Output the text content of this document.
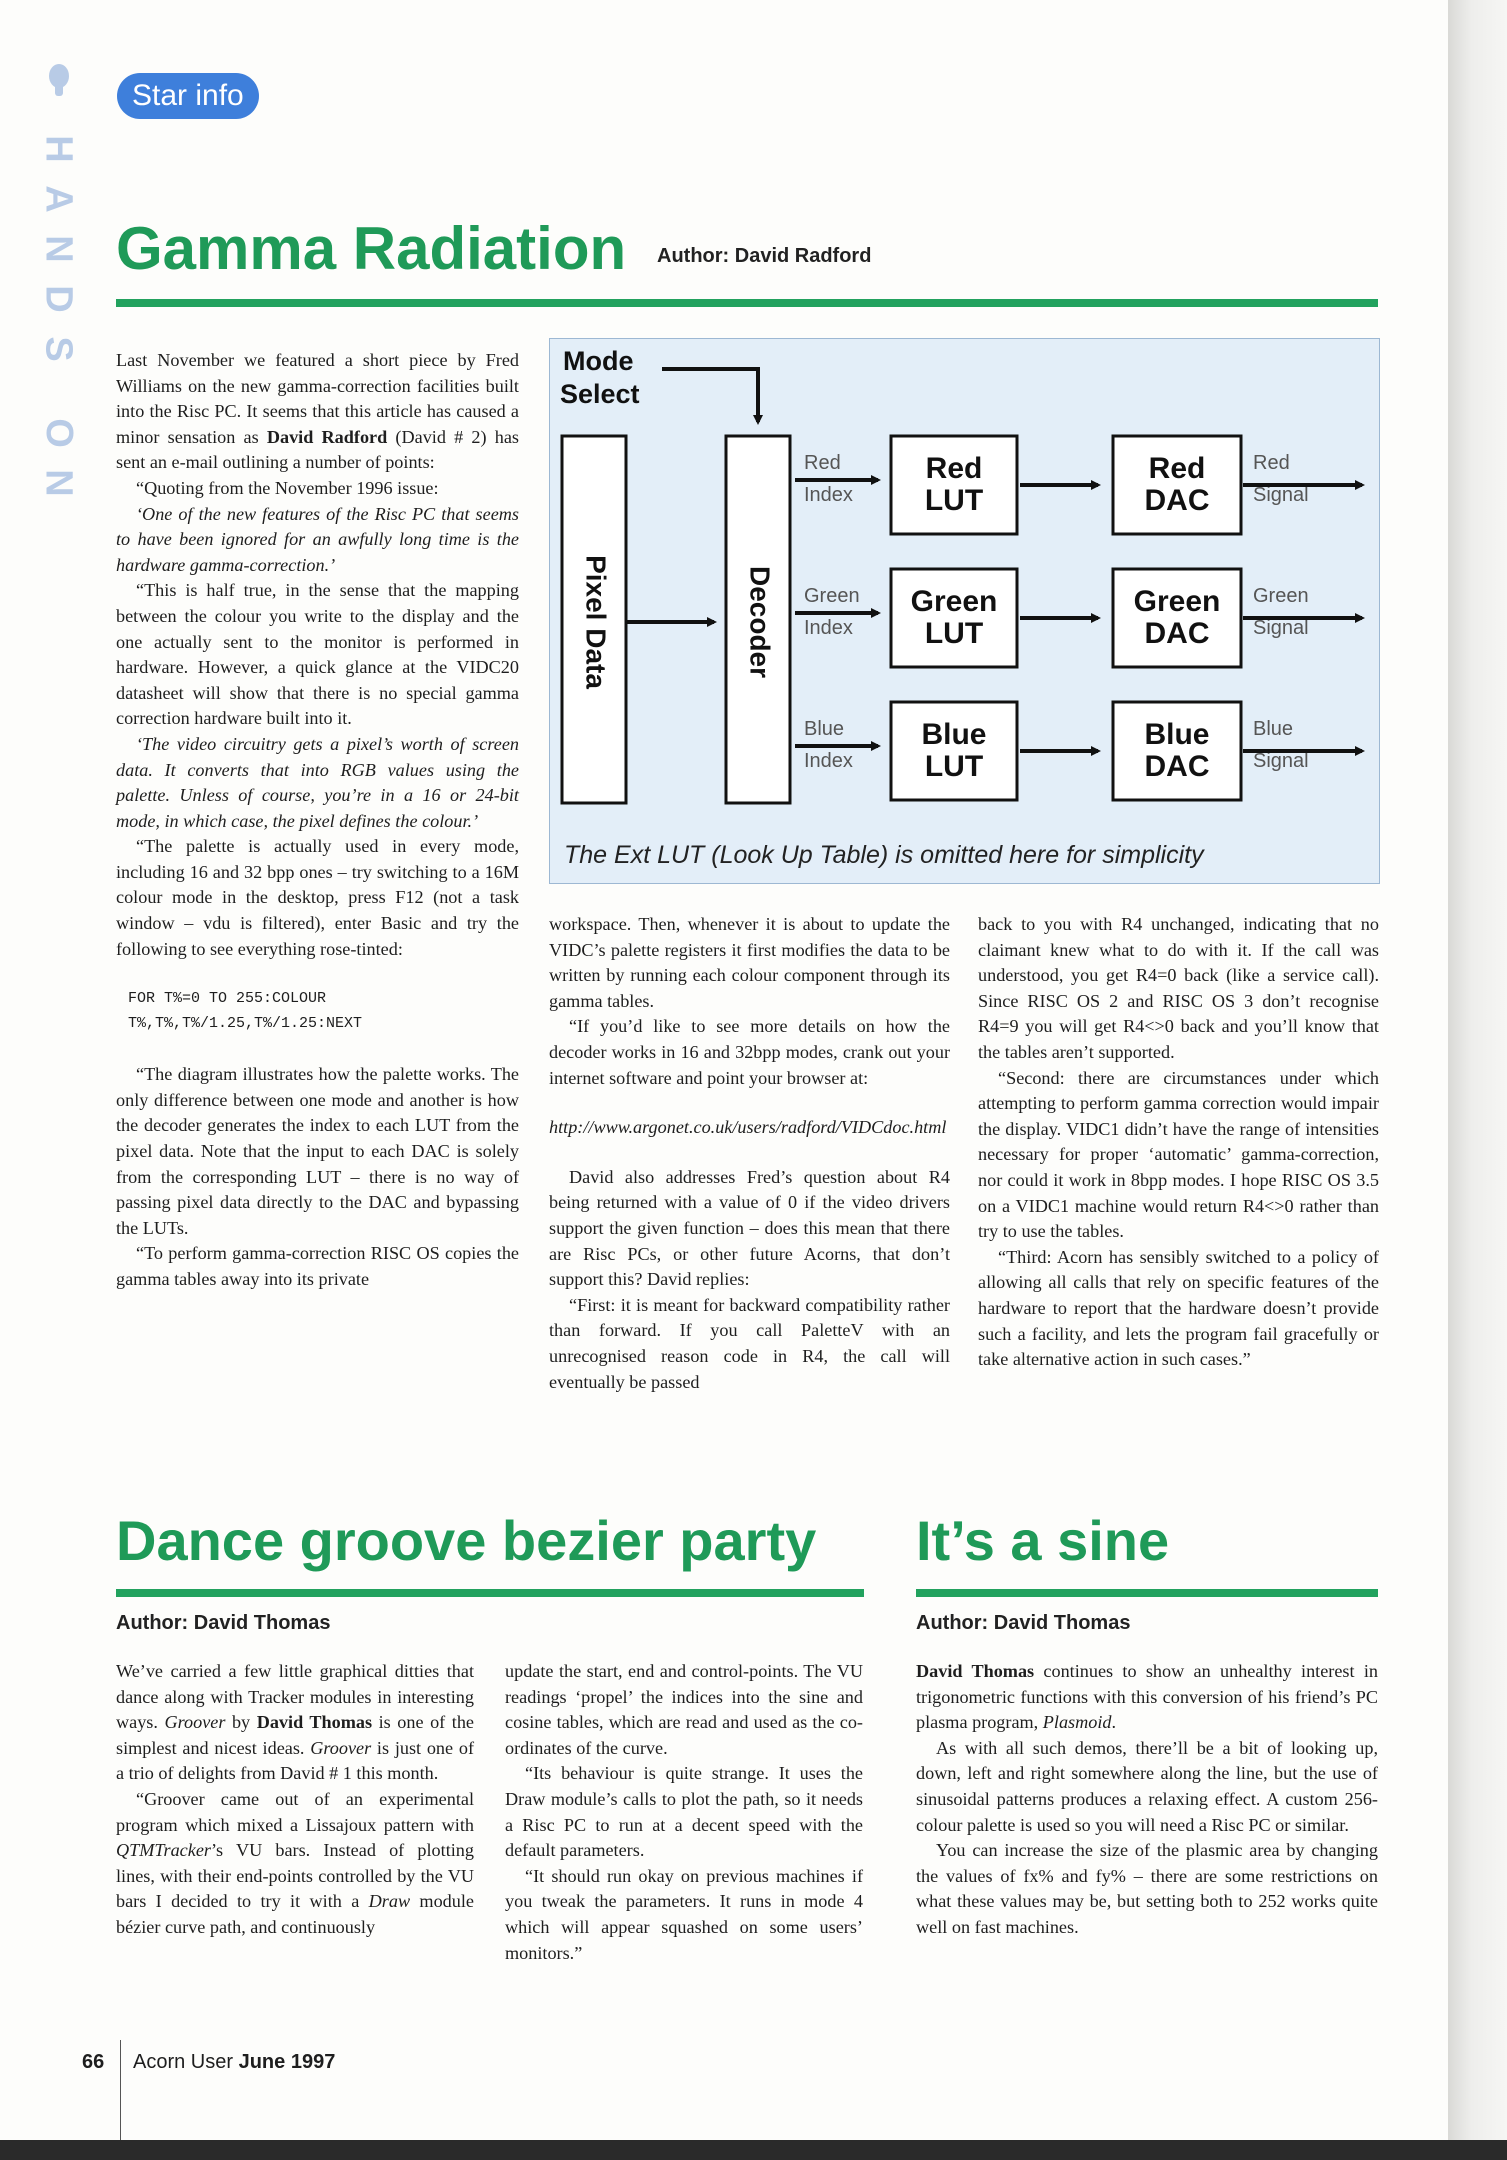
H
A
N
D
S
O
N
Star info
Gamma Radiation Author: David Radford

Last November we featured a short piece by Fred Williams on the new gamma-correction facilities built into the Risc PC. It seems that this article has caused a minor sensation as David Radford (David # 2) has sent an e-mail outlining a number of points:

“Quoting from the November 1996 issue:

‘One of the new features of the Risc PC that seems to have been ignored for an awfully long time is the hardware gamma-correction.’

“This is half true, in the sense that the mapping between the colour you write to the display and the one actually sent to the monitor is performed in hardware. However, a quick glance at the VIDC20 datasheet will show that there is no special gamma correction hardware built into it.

‘The video circuitry gets a pixel’s worth of screen data. It converts that into RGB values using the palette. Unless of course, you’re in a 16 or 24-bit mode, in which case, the pixel defines the colour.’

“The palette is actually used in every mode, including 16 and 32 bpp ones – try switching to a 16M colour mode in the desktop, press F12 (not a task window – vdu is filtered), enter Basic and try the following to see everything rose-tinted:

FOR T%=0 TO 255:COLOUR
T%,T%,T%/1.25,T%/1.25:NEXT

“The diagram illustrates how the palette works. The only difference between one mode and another is how the decoder generates the index to each LUT from the pixel data. Note that the input to each DAC is solely from the corresponding LUT – there is no way of passing pixel data directly to the DAC and bypassing the LUTs.

“To perform gamma-correction RISC OS copies the gamma tables away into its private

Mode
Select
Pixel Data	Decoder
Red
Index
Red
LUT
Red
DAC
Red
Signal
Green
Index
Green
LUT
Green
DAC
Green
Signal
Blue
Index
Blue
LUT
Blue
DAC
Blue
Signal
The Ext LUT (Look Up Table) is omitted here for simplicity

workspace. Then, whenever it is about to update the VIDC’s palette registers it first modifies the data to be written by running each colour component through its gamma tables.

“If you’d like to see more details on how the decoder works in 16 and 32bpp modes, crank out your internet software and point your browser at:

http://www.argonet.co.uk/users/radford/VIDCdoc.html

David also addresses Fred’s question about R4 being returned with a value of 0 if the video drivers support the given function – does this mean that there are Risc PCs, or other future Acorns, that don’t support this? David replies:

“First: it is meant for backward compatibility rather than forward. If you call PaletteV with an unrecognised reason code in R4, the call will eventually be passed

back to you with R4 unchanged, indicating that no claimant knew what to do with it. If the call was understood, you get R4=0 back (like a service call). Since RISC OS 2 and RISC OS 3 don’t recognise R4=9 you will get R4<>0 back and you’ll know that the tables aren’t supported.

“Second: there are circumstances under which attempting to perform gamma correction would impair the display. VIDC1 didn’t have the range of intensities necessary for proper ‘automatic’ gamma-correction, nor could it work in 8bpp modes. I hope RISC OS 3.5 on a VIDC1 machine would return R4<>0 rather than try to use the tables.

“Third: Acorn has sensibly switched to a policy of allowing all calls that rely on specific features of the hardware to report that the hardware doesn’t provide such a facility, and lets the program fail gracefully or take alternative action in such cases.”

Dance groove bezier party
Author: David Thomas

We’ve carried a few little graphical ditties that dance along with Tracker modules in interesting ways. Groover by David Thomas is one of the simplest and nicest ideas. Groover is just one of a trio of delights from David # 1 this month.

“Groover came out of an experimental program which mixed a Lissajoux pattern with QTMTracker’s VU bars. Instead of plotting lines, with their end-points controlled by the VU bars I decided to try it with a Draw module bézier curve path, and continuously

update the start, end and control-points. The VU readings ‘propel’ the indices into the sine and cosine tables, which are read and used as the co-ordinates of the curve.

“Its behaviour is quite strange. It uses the Draw module’s calls to plot the path, so it needs a Risc PC to run at a decent speed with the default parameters.

“It should run okay on previous machines if you tweak the parameters. It runs in mode 4 which will appear squashed on some users’ monitors.”

It’s a sine
Author: David Thomas

David Thomas continues to show an unhealthy interest in trigonometric functions with this conversion of his friend’s PC plasma program, Plasmoid.

As with all such demos, there’ll be a bit of looking up, down, left and right somewhere along the line, but the use of sinusoidal patterns produces a relaxing effect. A custom 256-colour palette is used so you will need a Risc PC or similar.

You can increase the size of the plasmic area by changing the values of fx% and fy% – there are some restrictions on what these values may be, but setting both to 252 works quite well on fast machines.

66 Acorn User June 1997
